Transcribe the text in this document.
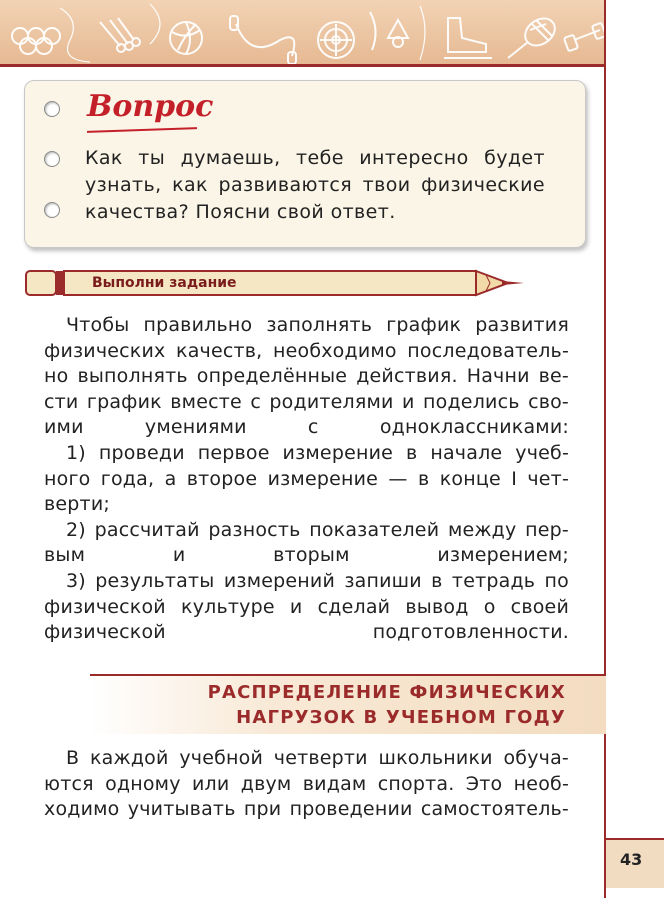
Вопрос
Как ты думаешь, тебе интересно будет
узнать, как развиваются твои физические
качества? Поясни свой ответ.
Выполни задание

Чтобы правильно заполнять график развития физических качеств, необходимо последователь-но выполнять определённые действия. Начни ве-сти график вместе с родителями и поделись сво-ими умениями с одноклассниками:

1) проведи первое измерение в начале учеб-ного года, а второе измерение — в конце I чет-верти;

2) рассчитай разность показателей между пер-вым и вторым измерением;

3) результаты измерений запиши в тетрадь по физической культуре и сделай вывод о своей физической подготовленности.

РАСПРЕДЕЛЕНИЕ ФИЗИЧЕСКИХ
НАГРУЗОК В УЧЕБНОМ ГОДУ

В каждой учебной четверти школьники обуча-ются одному или двум видам спорта. Это необ-ходимо учитывать при проведении самостоятель-

43
